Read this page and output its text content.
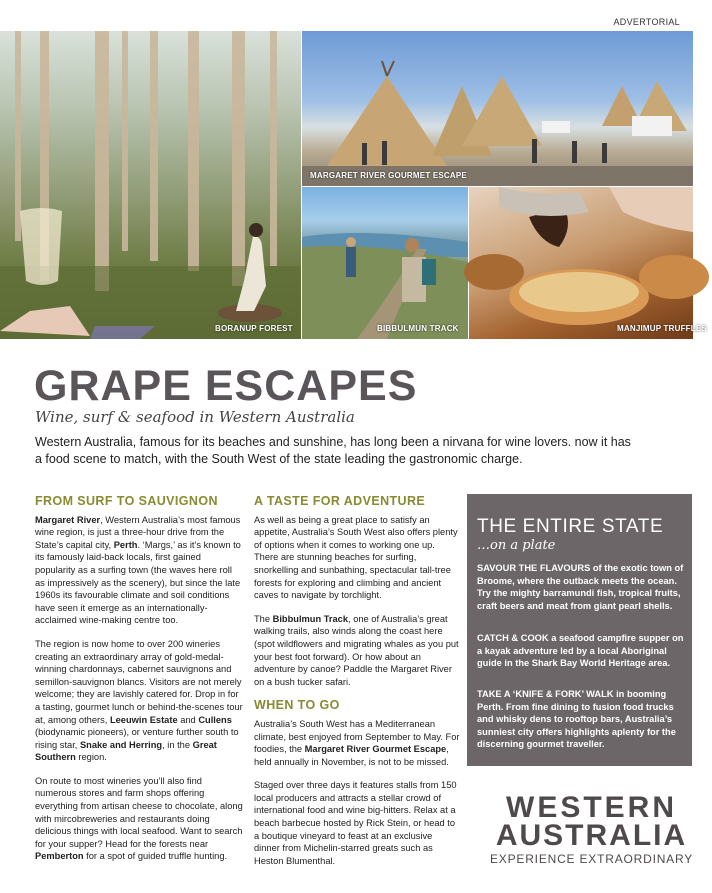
ADVERTORIAL
BORANUP FOREST
MARGARET RIVER GOURMET ESCAPE
BIBBULMUN TRACK	MANJIMUP TRUFFLES
GRAPE ESCAPES
Wine, surf & seafood in Western Australia
Western Australia, famous for its beaches and sunshine, has long been a nirvana for wine lovers. now it has a food scene to match, with the South West of the state leading the gastronomic charge.
FROM SURF TO SAUVIGNON

Margaret River, Western Australia’s most famous wine region, is just a three-hour drive from the State’s capital city, Perth. ‘Margs,’ as it’s known to its famously laid-back locals, first gained popularity as a surfing town (the waves here roll as impressively as the scenery), but since the late 1960s its favourable climate and soil conditions have seen it emerge as an internationally-acclaimed wine-making centre too.

The region is now home to over 200 wineries creating an extraordinary array of gold-medal-winning chardonnays, cabernet sauvignons and semillon-sauvignon blancs. Visitors are not merely welcome; they are lavishly catered for. Drop in for a tasting, gourmet lunch or behind-the-scenes tour at, among others, Leeuwin Estate and Cullens (biodynamic pioneers), or venture further south to rising star, Snake and Herring, in the Great Southern region.

On route to most wineries you’ll also find numerous stores and farm shops offering everything from artisan cheese to chocolate, along with mircobreweries and restaurants doing delicious things with local seafood. Want to search for your supper? Head for the forests near Pemberton for a spot of guided truffle hunting.

A TASTE FOR ADVENTURE

As well as being a great place to satisfy an appetite, Australia’s South West also offers plenty of options when it comes to working one up. There are stunning beaches for surfing, snorkelling and sunbathing, spectacular tall-tree forests for exploring and climbing and ancient caves to navigate by torchlight.

The Bibbulmun Track, one of Australia’s great walking trails, also winds along the coast here (spot wildflowers and migrating whales as you put your best foot forward). Or how about an adventure by canoe? Paddle the Margaret River on a bush tucker safari.

WHEN TO GO

Australia’s South West has a Mediterranean climate, best enjoyed from September to May. For foodies, the Margaret River Gourmet Escape, held annually in November, is not to be missed.

Staged over three days it features stalls from 150 local producers and attracts a stellar crowd of international food and wine big-hitters. Relax at a beach barbecue hosted by Rick Stein, or head to a boutique vineyard to feast at an exclusive dinner from Michelin-starred greats such as Heston Blumenthal.

THE ENTIRE STATE
…on a plate
SAVOUR THE FLAVOURS of the exotic town of Broome, where the outback meets the ocean. Try the mighty barramundi fish, tropical fruits, craft beers and meat from giant pearl shells.
CATCH & COOK a seafood campfire supper on a kayak adventure led by a local Aboriginal guide in the Shark Bay World Heritage area.
TAKE A ‘KNIFE & FORK’ WALK in booming Perth. From fine dining to fusion food trucks and whisky dens to rooftop bars, Australia’s sunniest city offers highlights aplenty for the discerning gourmet traveller.
WESTERN
AUSTRALIA
EXPERIENCE EXTRAORDINARY
